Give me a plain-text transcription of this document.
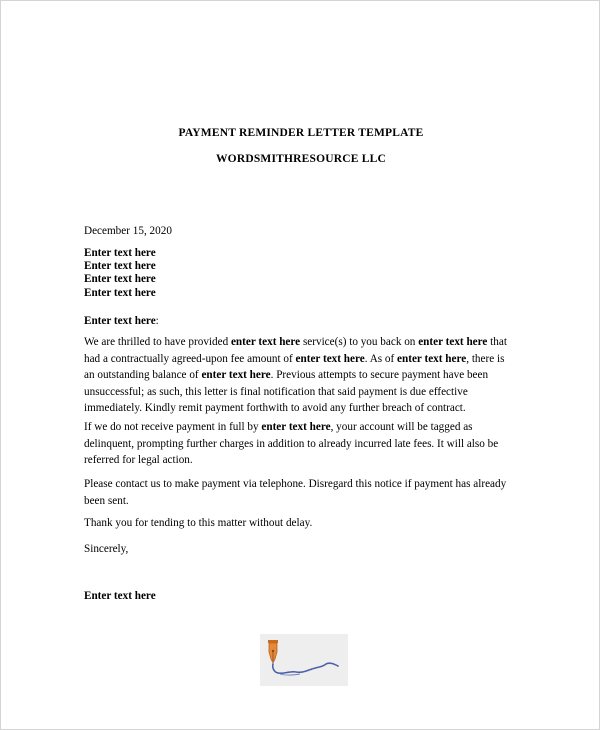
PAYMENT REMINDER LETTER TEMPLATE
WORDSMITHRESOURCE LLC
December 15, 2020
Enter text here
Enter text here
Enter text here
Enter text here
Enter text here:
We are thrilled to have provided enter text here service(s) to you back on enter text here that
had a contractually agreed-upon fee amount of enter text here. As of enter text here, there is
an outstanding balance of enter text here. Previous attempts to secure payment have been
unsuccessful; as such, this letter is final notification that said payment is due effective
immediately. Kindly remit payment forthwith to avoid any further breach of contract.
If we do not receive payment in full by enter text here, your account will be tagged as
delinquent, prompting further charges in addition to already incurred late fees. It will also be
referred for legal action.
Please contact us to make payment via telephone. Disregard this notice if payment has already
been sent.
Thank you for tending to this matter without delay.
Sincerely,
Enter text here
